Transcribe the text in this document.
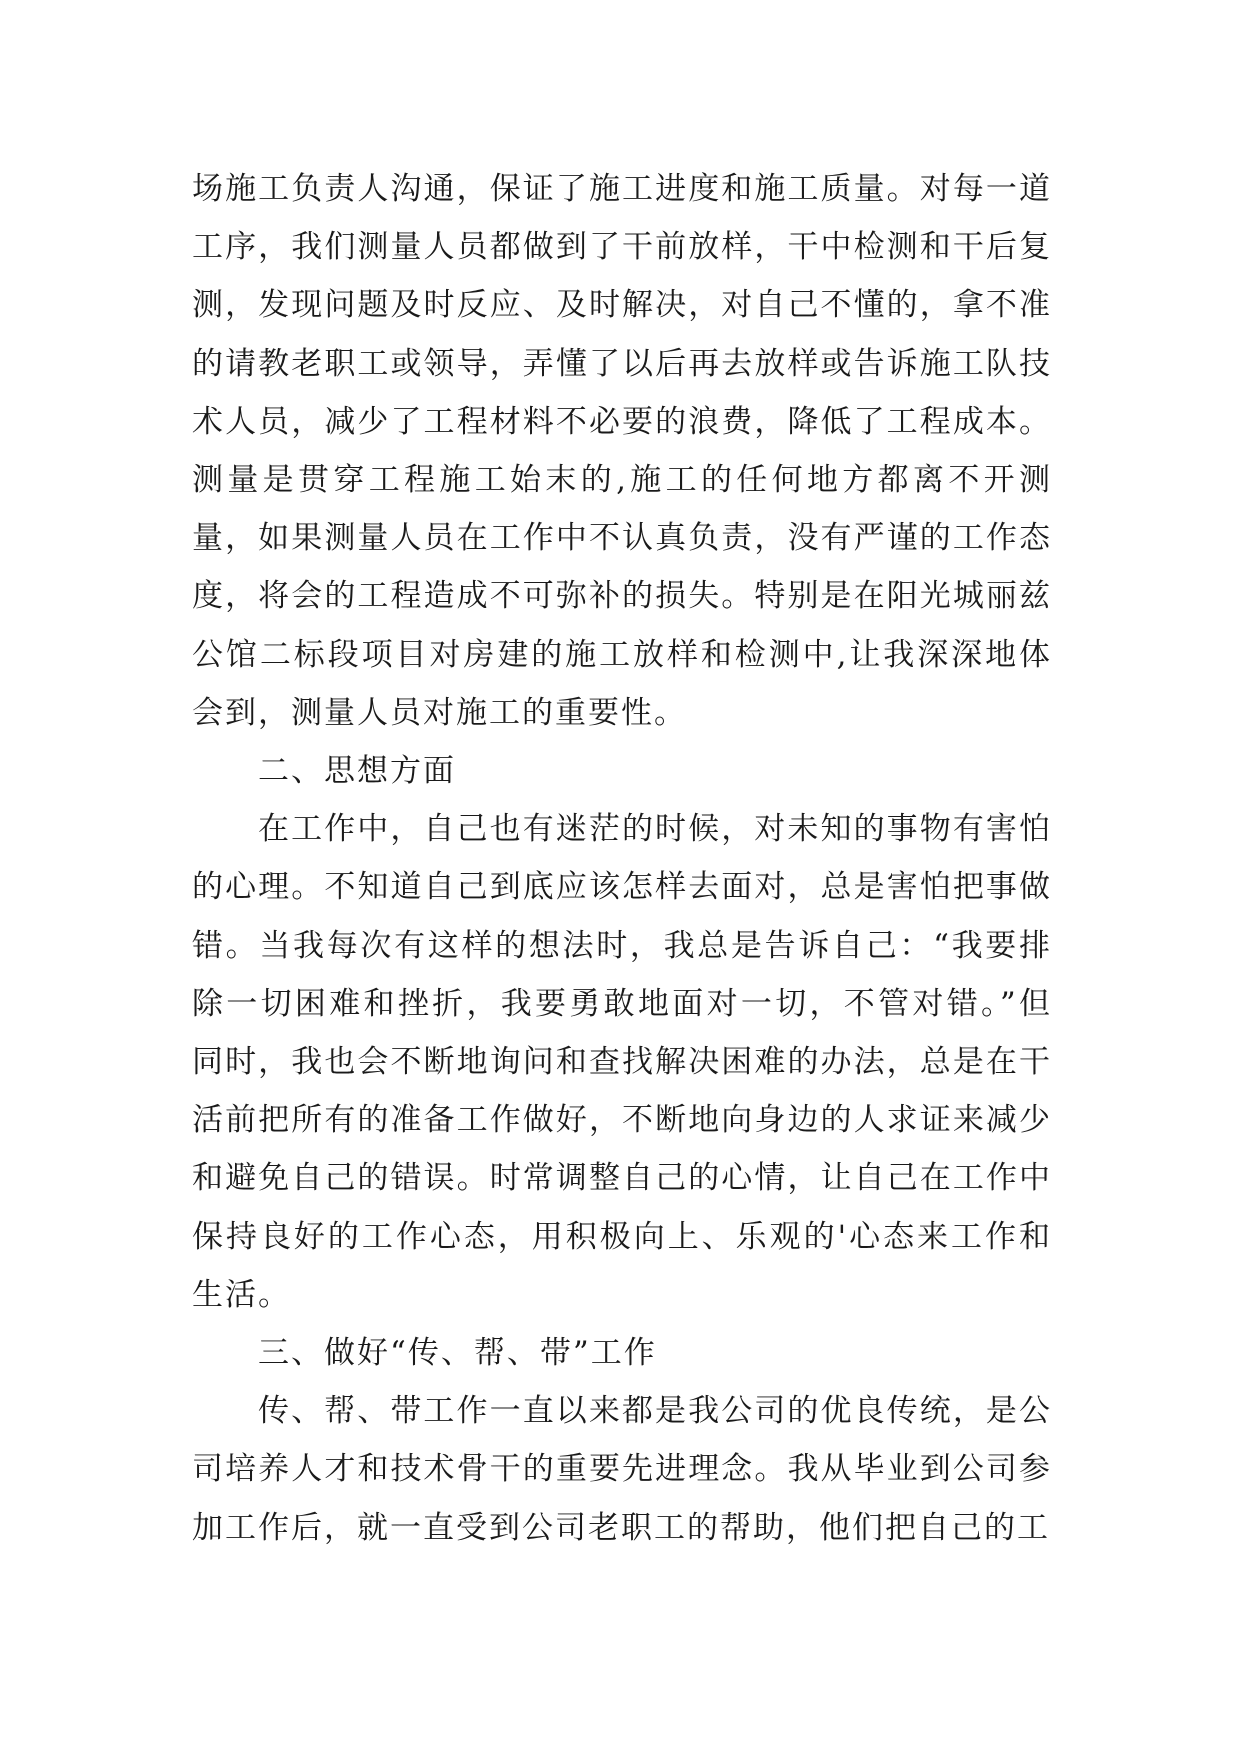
场施工负责人沟通，保证了施工进度和施工质量。对每一道工序，我们测量人员都做到了干前放样，干中检测和干后复测，发现问题及时反应、及时解决，对自己不懂的，拿不准的请教老职工或领导，弄懂了以后再去放样或告诉施工队技术人员，减少了工程材料不必要的浪费，降低了工程成本。测量是贯穿工程施工始末的,施工的任何地方都离不开测量，如果测量人员在工作中不认真负责，没有严谨的工作态度，将会的工程造成不可弥补的损失。特别是在阳光城丽兹公馆二标段项目对房建的施工放样和检测中,让我深深地体会到，测量人员对施工的重要性。

二、思想方面

在工作中，自己也有迷茫的时候，对未知的事物有害怕的心理。不知道自己到底应该怎样去面对，总是害怕把事做错。当我每次有这样的想法时，我总是告诉自己：“我要排除一切困难和挫折，我要勇敢地面对一切，不管对错。”但同时，我也会不断地询问和查找解决困难的办法，总是在干活前把所有的准备工作做好，不断地向身边的人求证来减少和避免自己的错误。时常调整自己的心情，让自己在工作中保持良好的工作心态，用积极向上、乐观的'心态来工作和生活。

三、做好“传、帮、带”工作

传、帮、带工作一直以来都是我公司的优良传统，是公司培养人才和技术骨干的重要先进理念。我从毕业到公司参加工作后，就一直受到公司老职工的帮助，他们把自己的工
